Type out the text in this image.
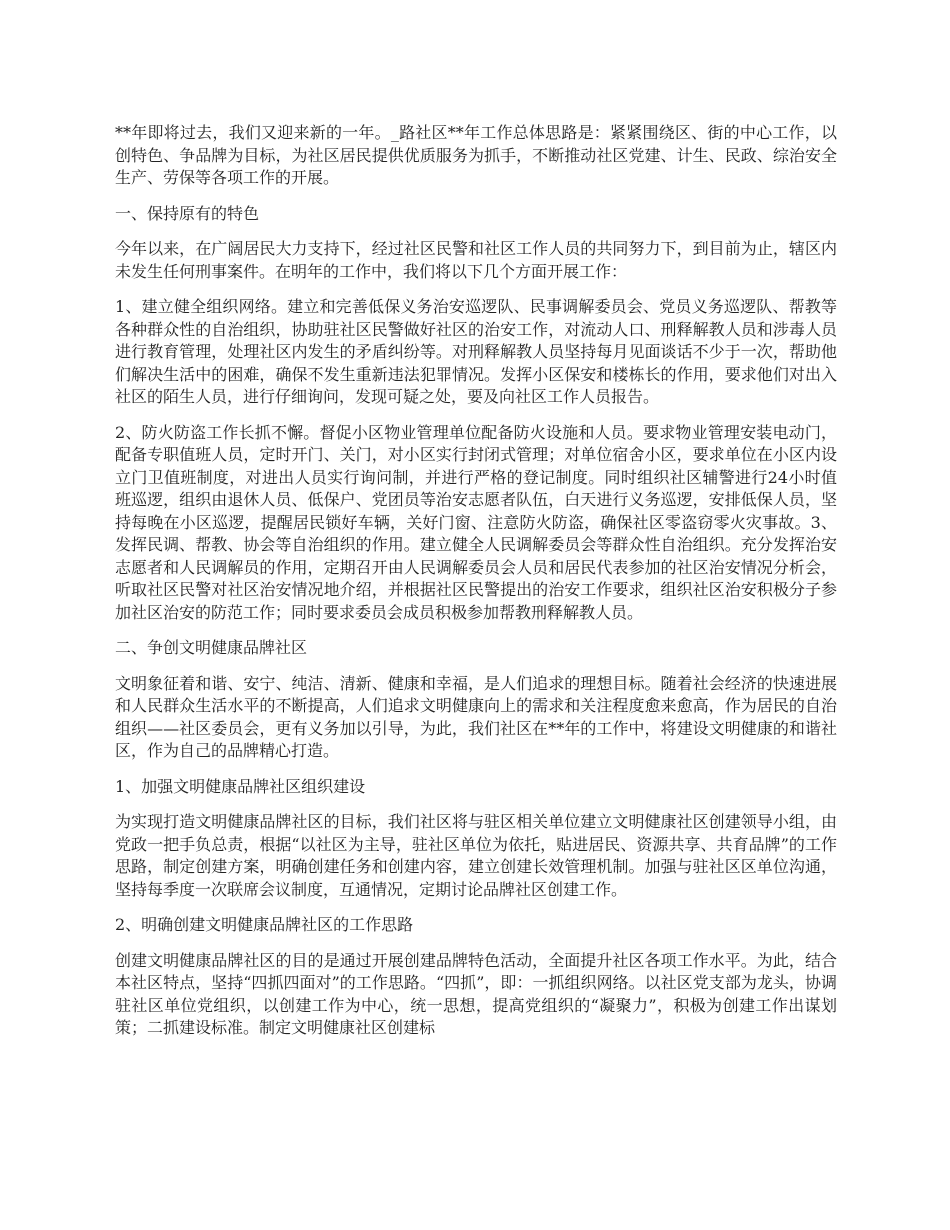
**年即将过去，我们又迎来新的一年。_路社区**年工作总体思路是：紧紧围绕区、街的中心工作，以创特色、争品牌为目标，为社区居民提供优质服务为抓手，不断推动社区党建、计生、民政、综治安全生产、劳保等各项工作的开展。

一、保持原有的特色

今年以来，在广阔居民大力支持下，经过社区民警和社区工作人员的共同努力下，到目前为止，辖区内未发生任何刑事案件。在明年的工作中，我们将以下几个方面开展工作：

1、建立健全组织网络。建立和完善低保义务治安巡逻队、民事调解委员会、党员义务巡逻队、帮教等各种群众性的自治组织，协助驻社区民警做好社区的治安工作，对流动人口、刑释解教人员和涉毒人员进行教育管理，处理社区内发生的矛盾纠纷等。对刑释解教人员坚持每月见面谈话不少于一次，帮助他们解决生活中的困难，确保不发生重新违法犯罪情况。发挥小区保安和楼栋长的作用，要求他们对出入社区的陌生人员，进行仔细询问，发现可疑之处，要及向社区工作人员报告。

2、防火防盗工作长抓不懈。督促小区物业管理单位配备防火设施和人员。要求物业管理安装电动门，配备专职值班人员，定时开门、关门，对小区实行封闭式管理；对单位宿舍小区，要求单位在小区内设立门卫值班制度，对进出人员实行询问制，并进行严格的登记制度。同时组织社区辅警进行24小时值班巡逻，组织由退休人员、低保户、党团员等治安志愿者队伍，白天进行义务巡逻，安排低保人员，坚持每晚在小区巡逻，提醒居民锁好车辆，关好门窗、注意防火防盗，确保社区零盗窃零火灾事故。3、发挥民调、帮教、协会等自治组织的作用。建立健全人民调解委员会等群众性自治组织。充分发挥治安志愿者和人民调解员的作用，定期召开由人民调解委员会人员和居民代表参加的社区治安情况分析会，听取社区民警对社区治安情况地介绍，并根据社区民警提出的治安工作要求，组织社区治安积极分子参加社区治安的防范工作；同时要求委员会成员积极参加帮教刑释解教人员。

二、争创文明健康品牌社区

文明象征着和谐、安宁、纯洁、清新、健康和幸福，是人们追求的理想目标。随着社会经济的快速进展和人民群众生活水平的不断提高，人们追求文明健康向上的需求和关注程度愈来愈高，作为居民的自治组织——社区委员会，更有义务加以引导，为此，我们社区在**年的工作中，将建设文明健康的和谐社区，作为自己的品牌精心打造。

1、加强文明健康品牌社区组织建设

为实现打造文明健康品牌社区的目标，我们社区将与驻区相关单位建立文明健康社区创建领导小组，由党政一把手负总责，根据“以社区为主导，驻社区单位为依托，贴进居民、资源共享、共育品牌”的工作思路，制定创建方案，明确创建任务和创建内容，建立创建长效管理机制。加强与驻社区区单位沟通，坚持每季度一次联席会议制度，互通情况，定期讨论品牌社区创建工作。

2、明确创建文明健康品牌社区的工作思路

创建文明健康品牌社区的目的是通过开展创建品牌特色活动，全面提升社区各项工作水平。为此，结合本社区特点，坚持“四抓四面对”的工作思路。“四抓”，即：一抓组织网络。以社区党支部为龙头，协调驻社区单位党组织，以创建工作为中心，统一思想，提高党组织的“凝聚力”，积极为创建工作出谋划策；二抓建设标准。制定文明健康社区创建标
